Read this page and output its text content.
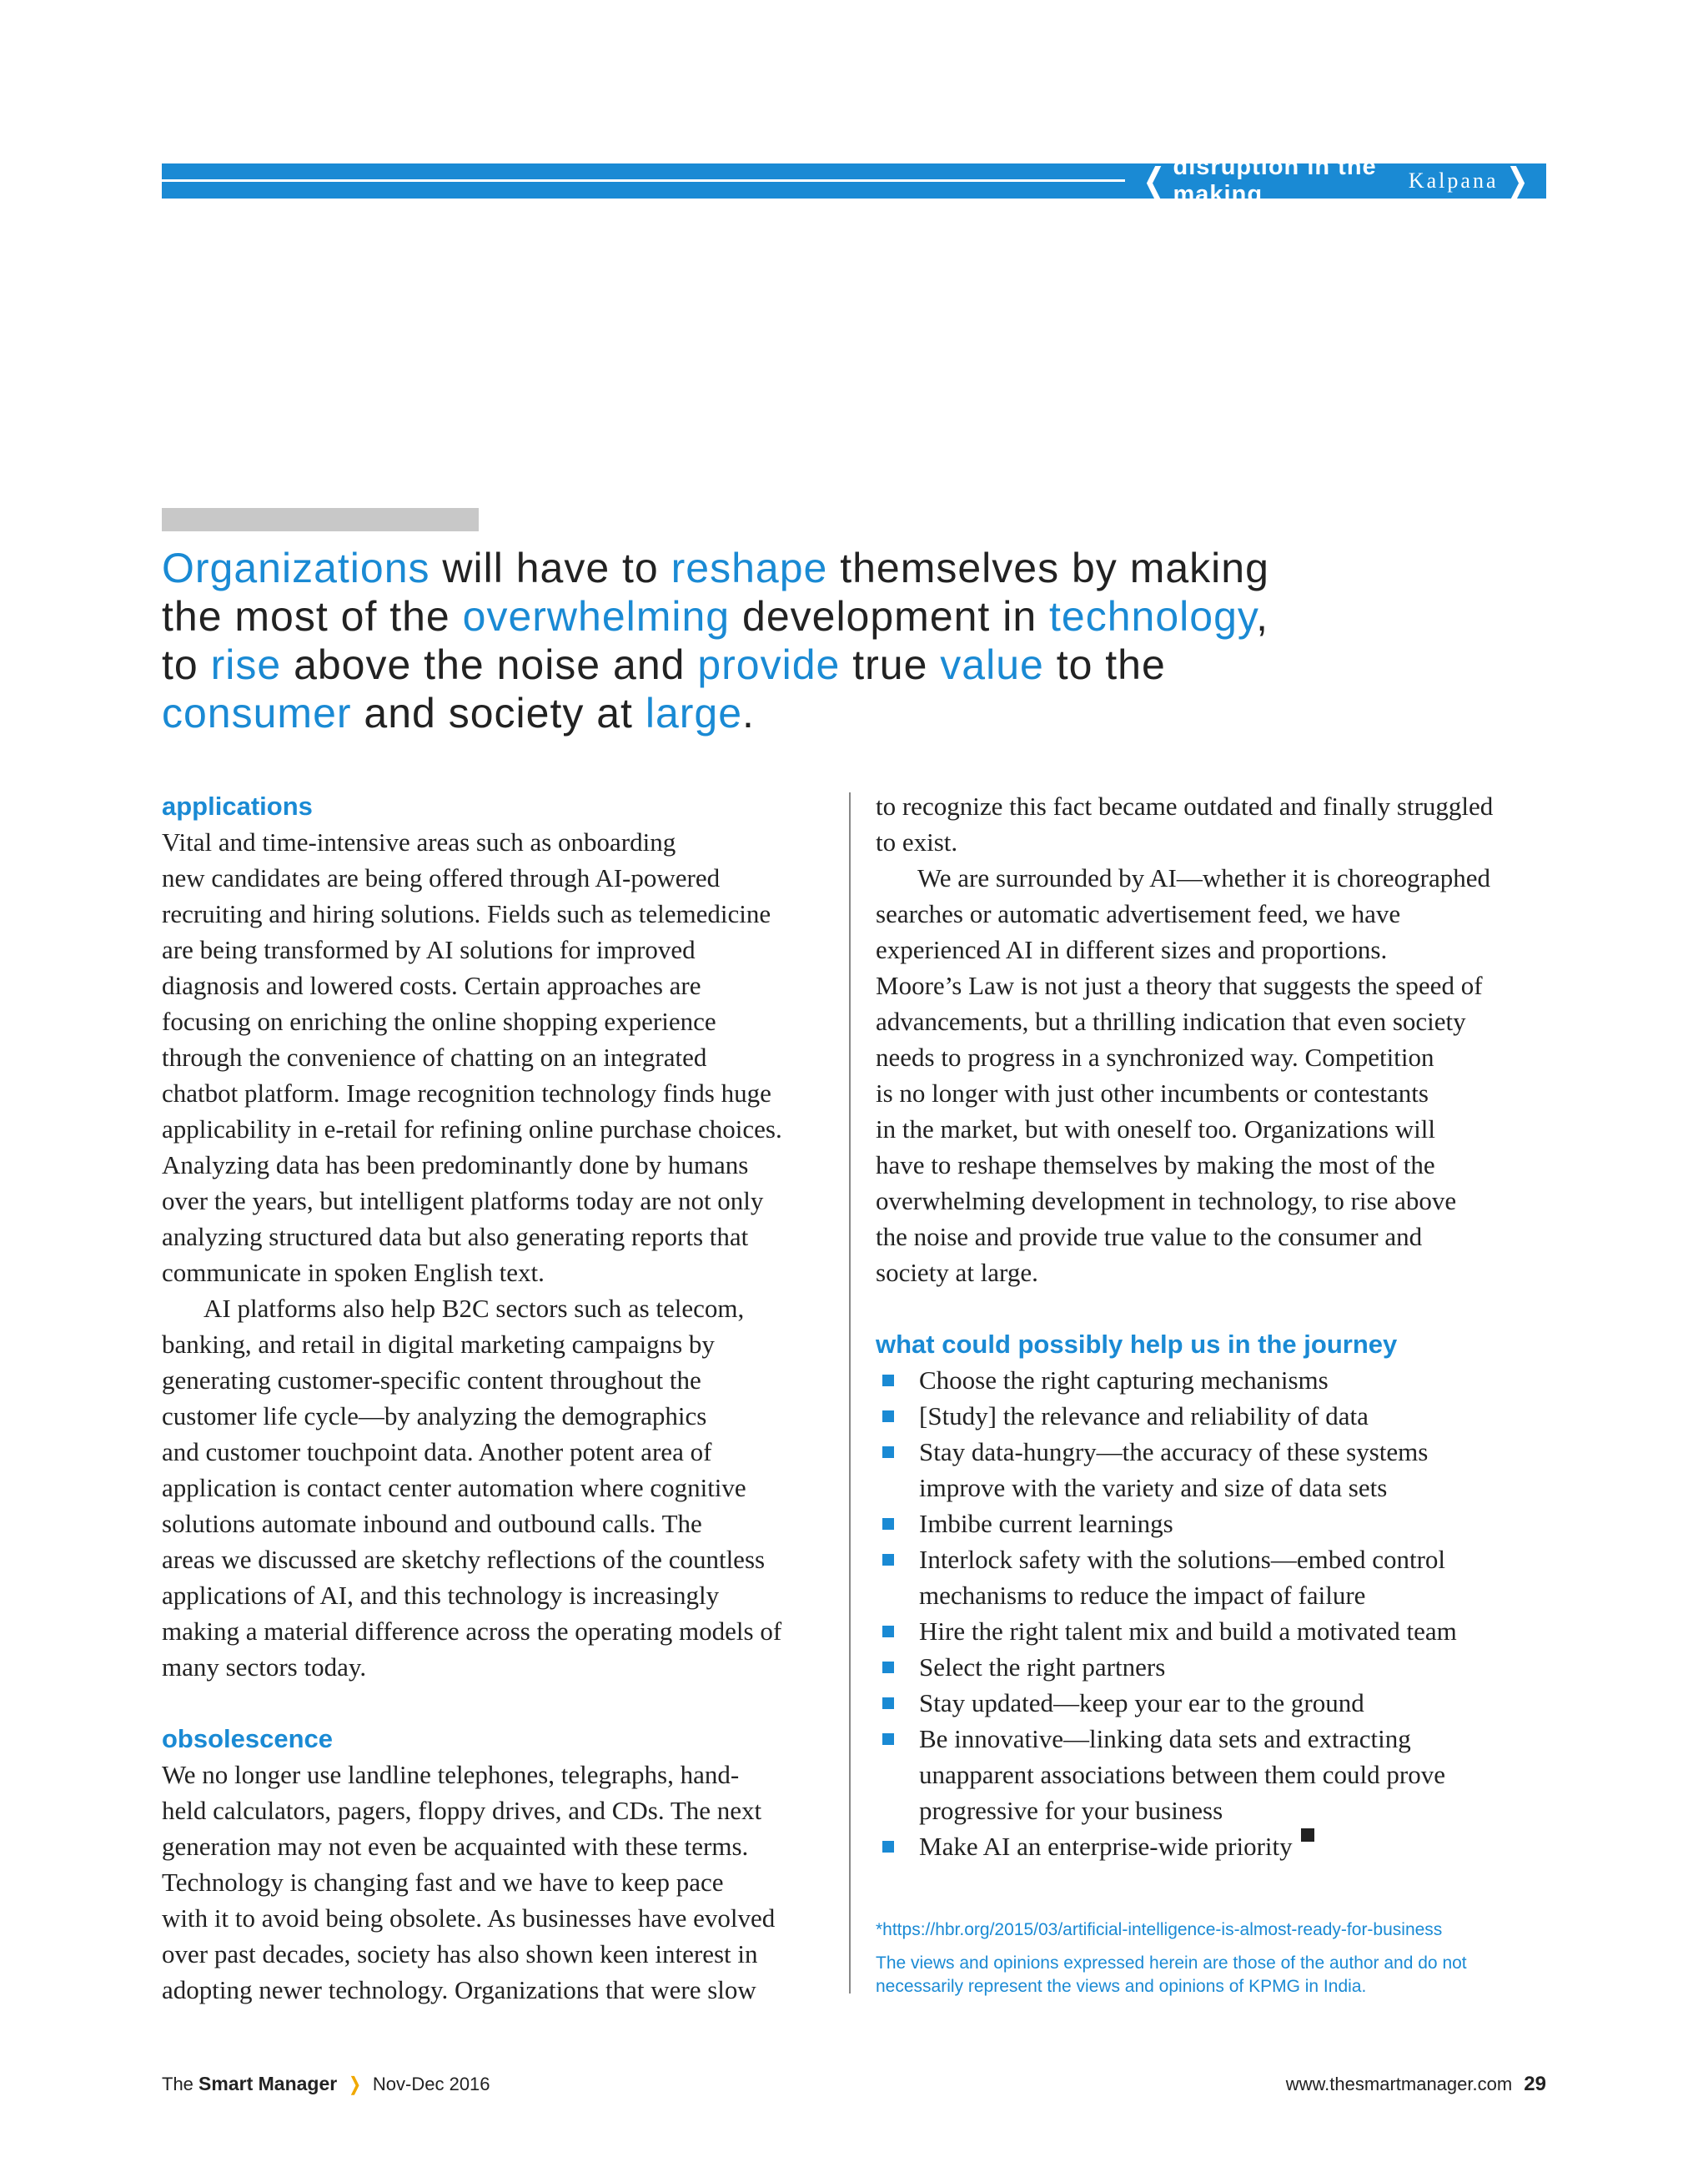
❬ disruption in the making
Kalpana ❭
Organizations will have to reshape themselves by making
the most of the overwhelming development in technology,
to rise above the noise and provide true value to the
consumer and society at large.
applications
Vital and time-intensive areas such as onboarding
new candidates are being offered through AI-powered
recruiting and hiring solutions. Fields such as telemedicine
are being transformed by AI solutions for improved
diagnosis and lowered costs. Certain approaches are
focusing on enriching the online shopping experience
through the convenience of chatting on an integrated
chatbot platform. Image recognition technology finds huge
applicability in e-retail for refining online purchase choices.
Analyzing data has been predominantly done by humans
over the years, but intelligent platforms today are not only
analyzing structured data but also generating reports that
communicate in spoken English text.
AI platforms also help B2C sectors such as telecom,
banking, and retail in digital marketing campaigns by
generating customer-specific content throughout the
customer life cycle—by analyzing the demographics
and customer touchpoint data. Another potent area of
application is contact center automation where cognitive
solutions automate inbound and outbound calls. The
areas we discussed are sketchy reflections of the countless
applications of AI, and this technology is increasingly
making a material difference across the operating models of
many sectors today.
obsolescence
We no longer use landline telephones, telegraphs, hand-
held calculators, pagers, floppy drives, and CDs. The next
generation may not even be acquainted with these terms.
Technology is changing fast and we have to keep pace
with it to avoid being obsolete. As businesses have evolved
over past decades, society has also shown keen interest in
adopting newer technology. Organizations that were slow
to recognize this fact became outdated and finally struggled
to exist.
We are surrounded by AI—whether it is choreographed
searches or automatic advertisement feed, we have
experienced AI in different sizes and proportions.
Moore’s Law is not just a theory that suggests the speed of
advancements, but a thrilling indication that even society
needs to progress in a synchronized way. Competition
is no longer with just other incumbents or contestants
in the market, but with oneself too. Organizations will
have to reshape themselves by making the most of the
overwhelming development in technology, to rise above
the noise and provide true value to the consumer and
society at large.
what could possibly help us in the journey
Choose the right capturing mechanisms
[Study] the relevance and reliability of data
Stay data-hungry—the accuracy of these systems
improve with the variety and size of data sets
Imbibe current learnings
Interlock safety with the solutions—embed control
mechanisms to reduce the impact of failure
Hire the right talent mix and build a motivated team
Select the right partners
Stay updated—keep your ear to the ground
Be innovative—linking data sets and extracting
unapparent associations between them could prove
progressive for your business
Make AI an enterprise-wide priority
*https://hbr.org/2015/03/artificial-intelligence-is-almost-ready-for-business
The views and opinions expressed herein are those of the author and do not
necessarily represent the views and opinions of KPMG in India.
The Smart Manager ❭ Nov-Dec 2016	www.thesmartmanager.com 29
